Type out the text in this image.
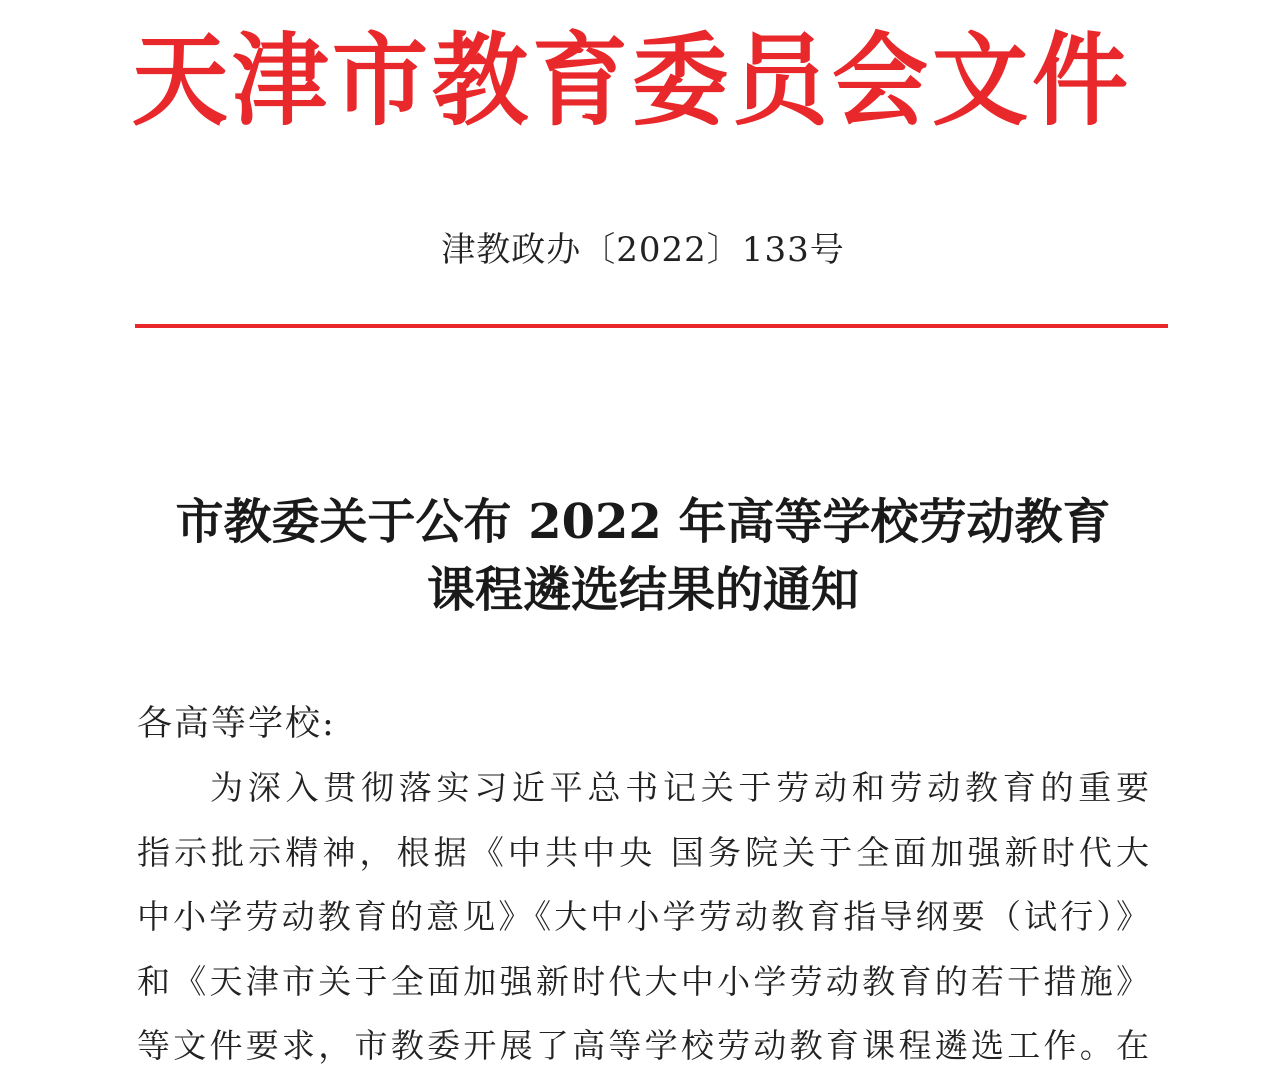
天 津 市 教 育 委 员 会 文 件
津教政办〔2022〕133号
市教委关于公布 2022 年高等学校劳动教育
课程遴选结果的通知
各高等学校:
为深入贯彻落实习近平总书记关于劳动和劳动教育的重要
指示批示精神，根据《中共中央 国务院关于全面加强新时代大
中小学劳动教育的意见》《大中小学劳动教育指导纲要（试行）》
和《天津市关于全面加强新时代大中小学劳动教育的若干措施》
等文件要求，市教委开展了高等学校劳动教育课程遴选工作。在
